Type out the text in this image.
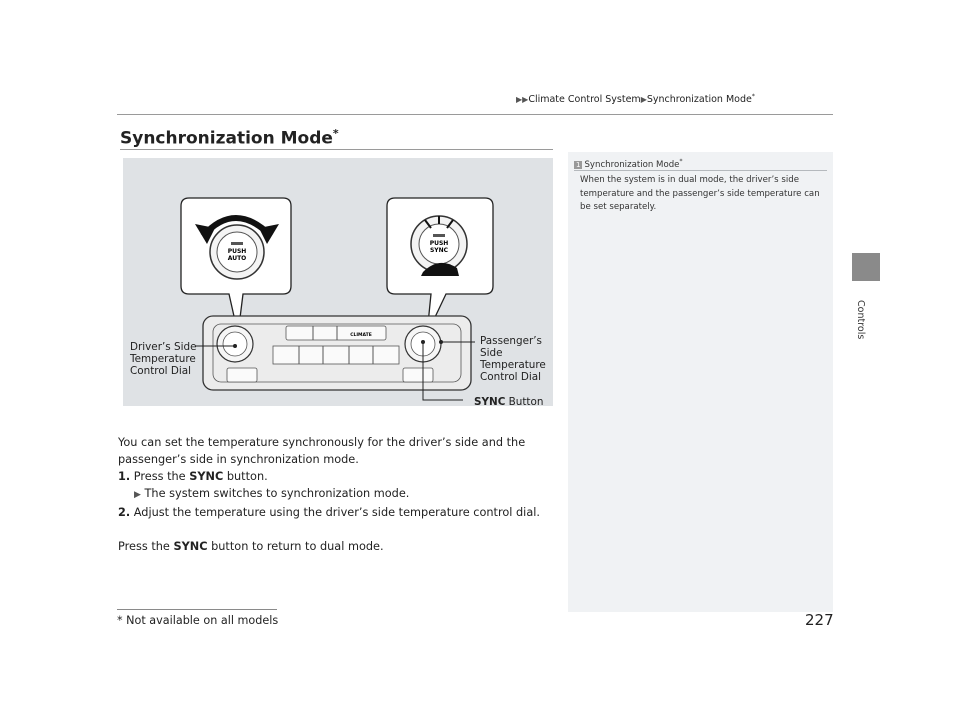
▶▶Climate Control System▶Synchronization Mode*
Synchronization Mode*
PUSH
AUTO
PUSH
SYNC
CLIMATE
Driver’s Side
Temperature
Control Dial
Passenger’s
Side
Temperature
Control Dial
SYNC Button
1 Synchronization Mode*
When the system is in dual mode, the driver’s side temperature and the passenger’s side temperature can be set separately.
Controls

You can set the temperature synchronously for the driver’s side and the passenger’s side in synchronization mode.

1. Press the SYNC button.

▶ The system switches to synchronization mode.

2. Adjust the temperature using the driver’s side temperature control dial.

Press the SYNC button to return to dual mode.

* Not available on all models	227
